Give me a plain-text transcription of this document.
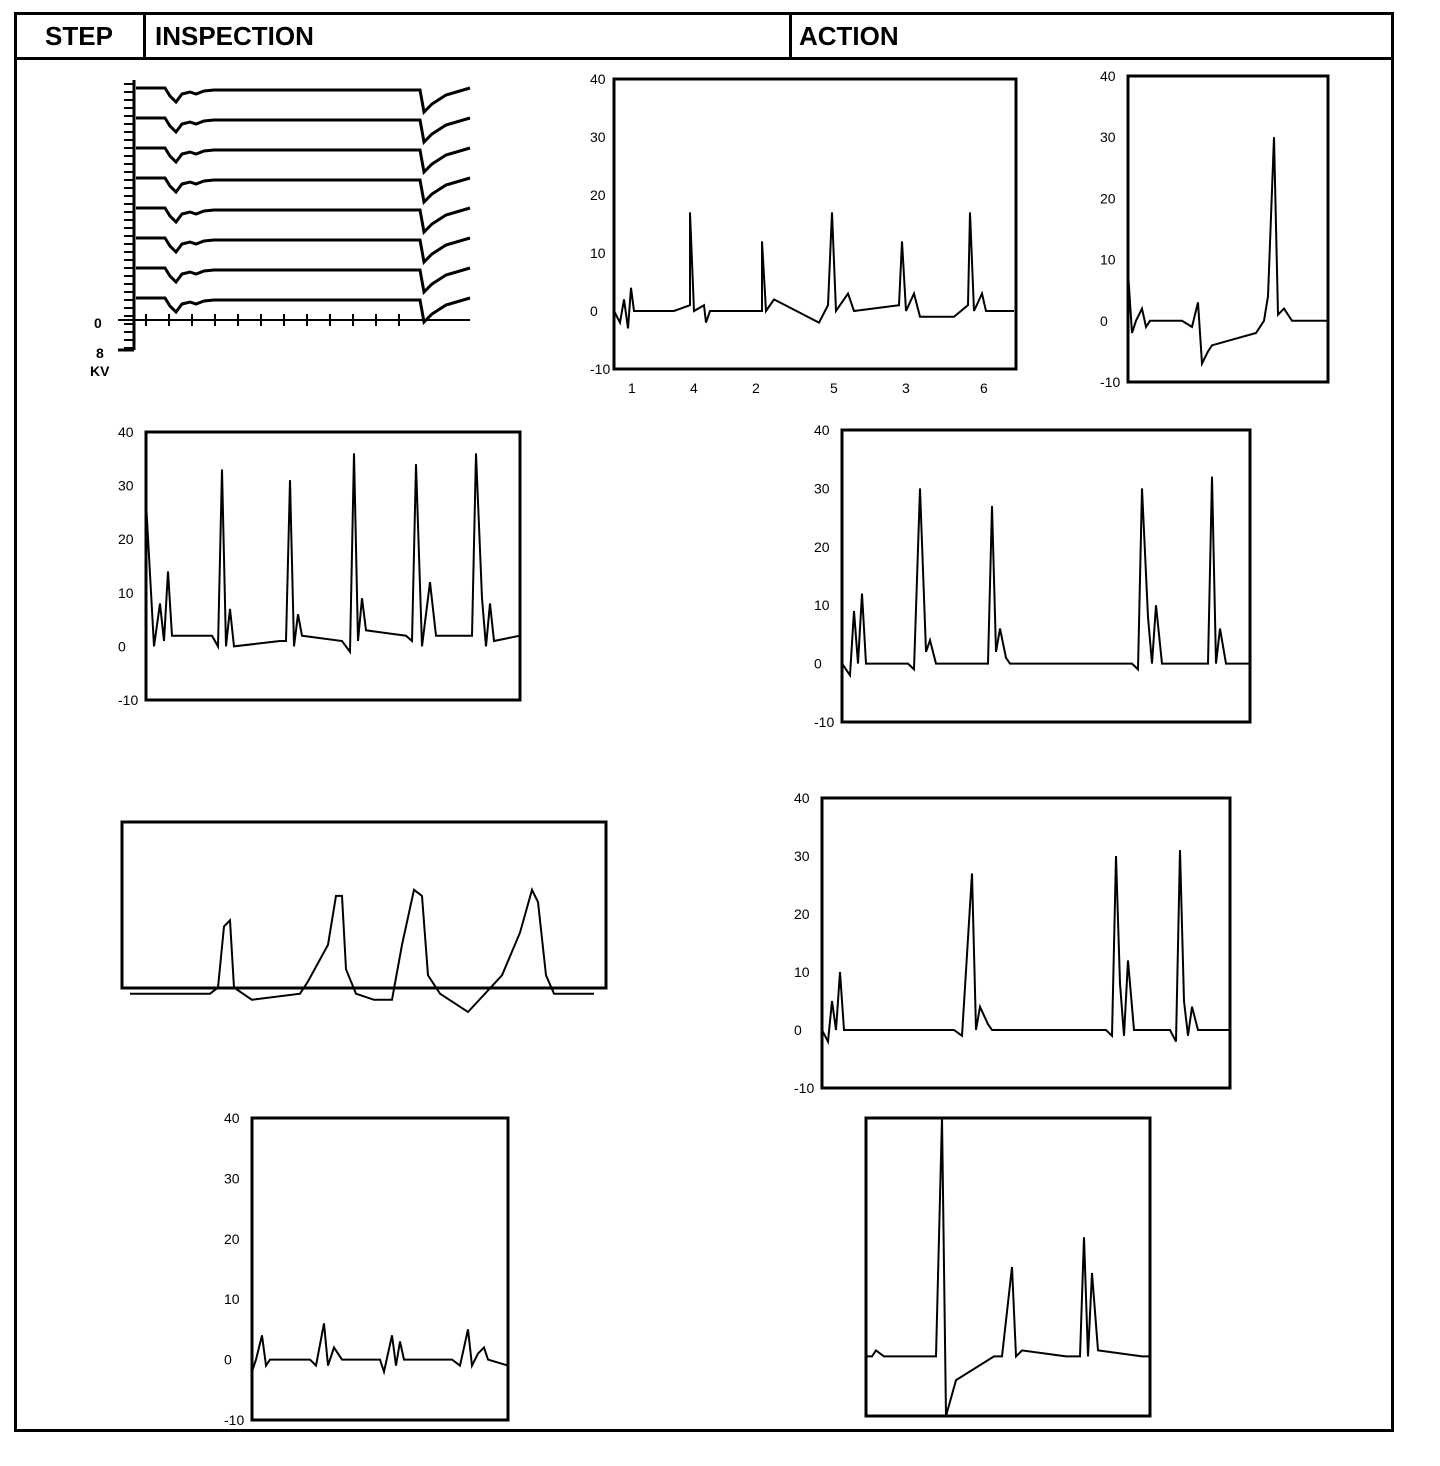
STEP INSPECTION	ACTION
0
8
KV
40
30
20
10
0
-10
1	4	2	5	3	6
40
30
20
10
0
-10
40
30
20
10
0
-10
40
30
20
10
0
-10
40
30
20
10
0
-10
40
30
20
10
0
-10
